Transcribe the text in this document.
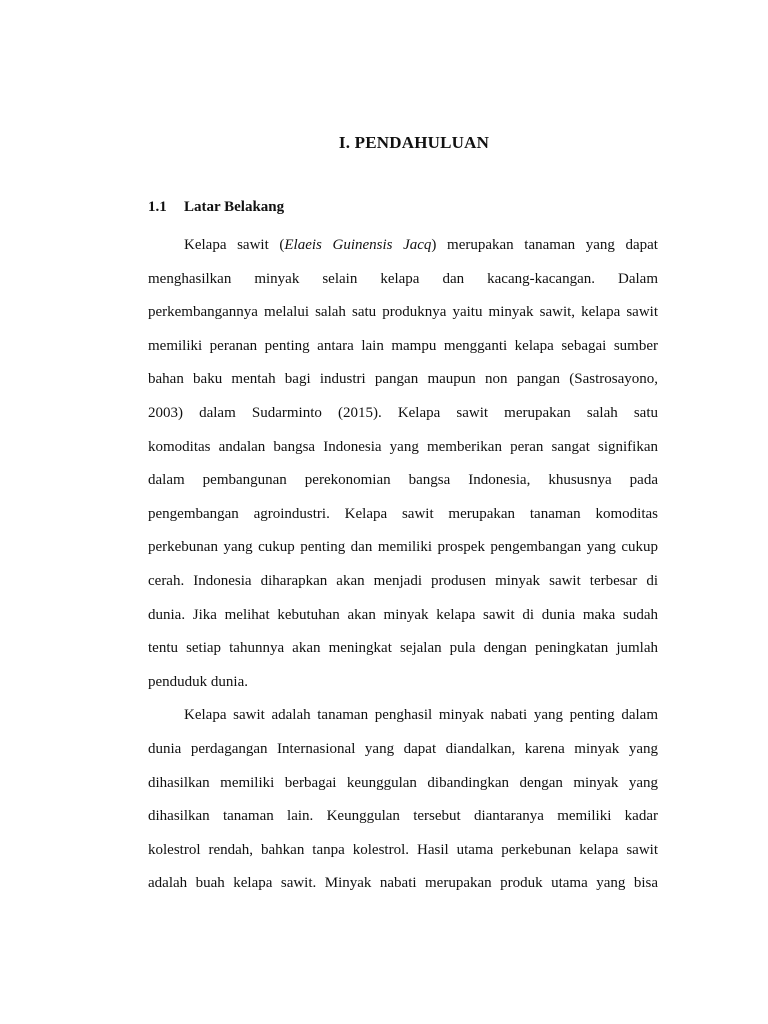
I. PENDAHULUAN
1.1 Latar Belakang
Kelapa sawit (Elaeis Guinensis Jacq) merupakan tanaman yang dapat
menghasilkan minyak selain kelapa dan kacang-kacangan. Dalam
perkembangannya melalui salah satu produknya yaitu minyak sawit, kelapa sawit
memiliki peranan penting antara lain mampu mengganti kelapa sebagai sumber
bahan baku mentah bagi industri pangan maupun non pangan (Sastrosayono,
2003) dalam Sudarminto (2015). Kelapa sawit merupakan salah satu
komoditas andalan bangsa Indonesia yang memberikan peran sangat signifikan
dalam pembangunan perekonomian bangsa Indonesia, khususnya pada
pengembangan agroindustri. Kelapa sawit merupakan tanaman komoditas
perkebunan yang cukup penting dan memiliki prospek pengembangan yang cukup
cerah. Indonesia diharapkan akan menjadi produsen minyak sawit terbesar di
dunia. Jika melihat kebutuhan akan minyak kelapa sawit di dunia maka sudah
tentu setiap tahunnya akan meningkat sejalan pula dengan peningkatan jumlah
penduduk dunia.
Kelapa sawit adalah tanaman penghasil minyak nabati yang penting dalam
dunia perdagangan Internasional yang dapat diandalkan, karena minyak yang
dihasilkan memiliki berbagai keunggulan dibandingkan dengan minyak yang
dihasilkan tanaman lain. Keunggulan tersebut diantaranya memiliki kadar
kolestrol rendah, bahkan tanpa kolestrol. Hasil utama perkebunan kelapa sawit
adalah buah kelapa sawit. Minyak nabati merupakan produk utama yang bisa
